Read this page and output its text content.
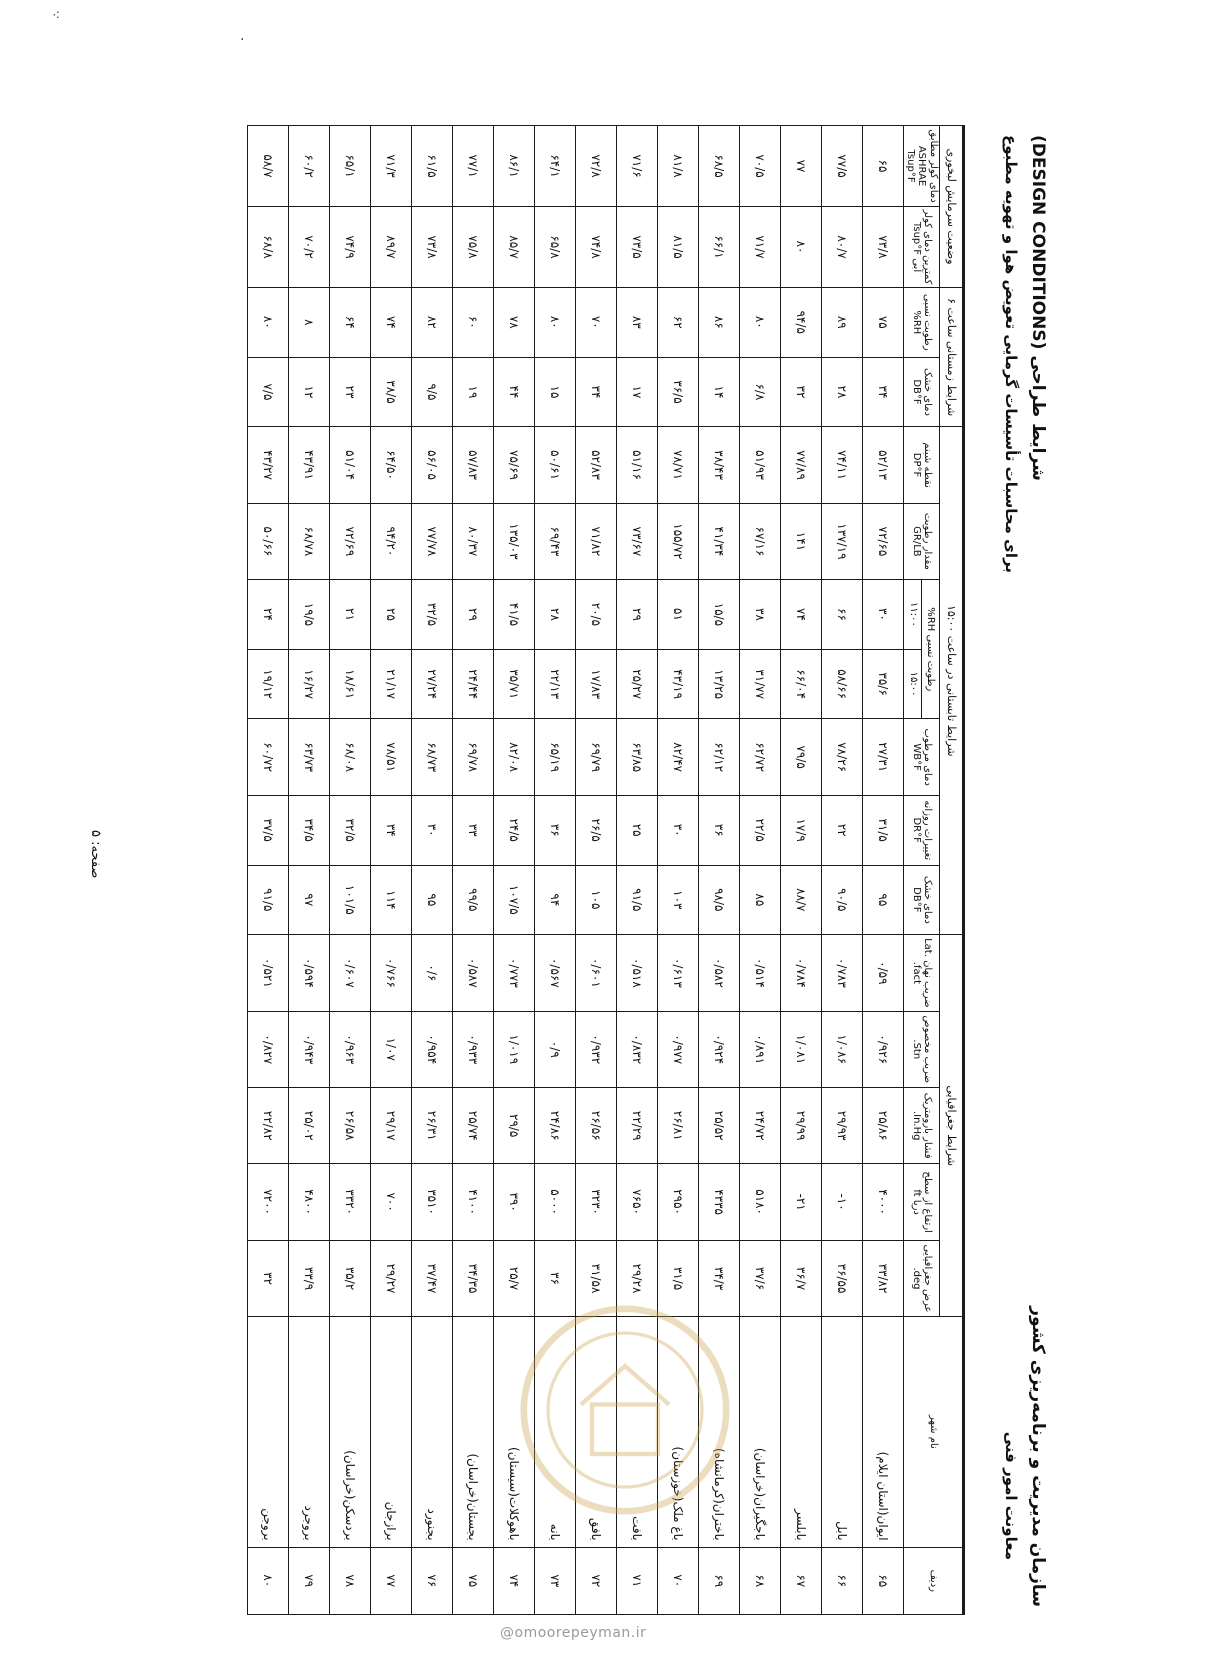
⁖
·
سازمان مدیریت و برنامه‌ریزی کشور
معاونت امور فنی
شرایط طراحی (DESIGN CONDITIONS)
برای محاسبات تأسیسات گرمایی تعویض هوا و تهویه مطبوع
ردیف	نام شهر	شرایط جغرافیایی					شرایط تابستانی در ساعت ۱۵:۰۰							شرایط زمستانی ساعت ۶		وضعیت سرمایش لبخوری	
		عرض جغرافیایی deg.	ارتفاع از سطح دریا ft	فشار بارومتریک In.Hg.	ضریب مخصوص Stn.	ضریب نهان Lat. fact.	دمای خشک DB°F	تغییرات روزانه DR°F	دمای مرطوب WB°F	رطوبت نسبی RH%		مقدار رطوبت GR/LB	نقطه شبنم DP°F	دمای خشک DB°F	رطوبت نسبی RH%	کمترین دمای کولر آبی Tsup°F	دمای کولر مطابق ASHRAE Tsup°F
										۱۵:۰۰	۱۱:۰۰						
۶۵	ایوان(استان ایلام)	۳۳/۸۲	۴۰۰۰	۲۵/۸۶	۰/۹۲۶	۰/۵۹	۹۵	۳۱/۵	۲۷/۳۱	۳۵/۶	۳۰	۷۲/۶۵	۵۲/۱۳	۳۴	۷۵	۷۳/۸	۶۵
۶۶	بابل	۳۶/۵۵	۱۰-	۲۹/۹۳	۱/۰۸۶	۰/۷۸۳	۹۰/۵	۲۲	۷۸/۲۶	۵۸/۶۶	۶۶	۱۳۷/۱۹	۷۴/۱۱	۲۸	۸۹	۸۰/۷	۷۷/۵
۶۷	بابلسر	۳۶/۷	۲۱-	۲۹/۹۹	۱/۰۸۱	۰/۷۸۴	۸۸/۷	۱۷/۹	۷۹/۵	۶۶/۰۴	۷۴	۱۴۱	۷۷/۸۹	۳۲	۹۴/۵	۸۰	۷۷
۶۸	باجگیران(خراسان)	۳۷/۶	۵۱۸۰	۲۴/۷۲	۰/۸۹۱	۰/۵۱۴	۸۵	۲۲/۵	۶۲/۷۲	۳۱/۷۷	۳۸	۶۷/۱۶	۵۱/۹۳	۶/۸	۸۰	۷۱/۷	۷۰/۵
۶۹	باختران(کرمانشاه)	۳۴/۳	۴۳۳۵	۲۵/۵۲	۰/۹۲۴	۰/۵۸۲	۹۸/۵	۳۶	۶۲/۱۲	۱۳/۲۵	۱۵/۵	۴۱/۳۴	۳۸/۴۳	۱۴	۸۶	۶۶/۱	۶۸/۵
۷۰	باغ ملک(خوزستان)	۳۱/۵	۲۹۵۰	۲۶/۸۱	۰/۹۷۷	۰/۶۱۳	۱۰۳	۳۰	۸۲/۴۷	۴۳/۱۹	۵۱	۱۵۵/۷۲	۷۸/۷۱	۳۶/۵	۶۲	۸۱/۵	۸۱/۸
۷۱	بافت	۲۹/۲۸	۷۶۵۰	۲۲/۲۹	۰/۸۳۲	۰/۵۱۸	۹۱/۵	۲۵	۶۳/۸۵	۲۵/۲۷	۲۹	۷۳/۶۷	۵۱/۱۶	۱۷	۸۳	۷۳/۵	۷۱/۶
۷۲	بافق	۳۱/۵۸	۳۲۳۰	۲۶/۵۶	۰/۹۳۲	۰/۶۰۱	۱۰۵	۲۶/۵	۶۹/۷۹	۱۷/۸۳	۲۰/۵	۷۱/۸۲	۵۲/۸۳	۳۴	۷۰	۷۴/۸	۷۲/۸
۷۳	بانه	۳۶	۵۰۰۰	۲۴/۸۶	۰/۹	۰/۵۶۷	۹۴	۳۶	۶۵/۱۹	۲۲/۱۳	۲۸	۶۹/۴۳	۵۰/۶۱	۱۵	۸۰	۶۵/۸	۶۴/۱
۷۴	باهوکلات(سیستان)	۲۵/۷	۳۹۰	۲۹/۵	۱/۰۱۹	۰/۷۷۳	۱۰۷/۵	۲۴/۵	۸۲/۰۸	۳۵/۷۱	۴۱/۵	۱۳۵/۰۳	۷۵/۶۹	۴۴	۷۸	۸۵/۷	۸۶/۱
۷۵	بجستان(خراسان)	۳۴/۳۵	۴۱۰۰	۲۵/۷۴	۰/۹۳۳	۰/۵۸۷	۹۹/۵	۳۳	۶۹/۷۸	۲۴/۴۴	۲۹	۸۰/۳۷	۵۷/۸۳	۱۹	۶۰	۷۵/۸	۷۷/۱
۷۶	بجنورد	۳۷/۴۷	۳۵۱۰	۲۶/۳۱	۰/۹۵۴	۰/۶	۹۵	۳۰	۶۸/۷۳	۲۷/۲۴	۳۲/۵	۷۷/۷۸	۵۶/۰۵	۹/۵	۸۲	۷۳/۸	۶۱/۵
۷۷	برازجان	۲۹/۲۷	۷۰۰	۲۹/۱۷	۱/۰۷	۰/۷۶۶	۱۱۴	۳۴	۷۸/۵۱	۲۱/۱۷	۲۵	۹۴/۲۰	۶۴/۵۰	۳۸/۵	۷۴	۸۹/۷	۷۱/۳
۷۸	بردسکن(خراسان)	۳۵/۲	۳۳۲۰	۲۶/۵۸	۰/۹۶۳	۰/۶۰۷	۱۰۱/۵	۳۲/۵	۶۸/۰۸	۱۸/۶۱	۲۱	۷۲/۶۹	۵۱/۰۴	۲۳	۶۴	۷۴/۹	۶۵/۱
۷۹	بروجرد	۳۳/۹	۴۸۰۰	۲۵/۰۲	۰/۹۴۳	۰/۵۹۴	۹۷	۳۴/۵	۶۳/۷۳	۱۶/۲۷	۱۹/۵	۶۸/۷۸	۴۳/۹۱	۱۲	۸	۷۰/۲	۶۰/۲
۸۰	بروجن	۳۲	۷۲۰۰	۲۲/۸۲	۰/۸۲۷	۰/۵۲۱	۹۱/۵	۳۷/۵	۶۰/۷۲	۱۹/۱۲	۲۴	۵۰/۶۶	۴۳/۲۷	۷/۵	۸۰	۶۸/۸	۵۸/۷
صفحه: ۵
@omoorepeyman.ir
